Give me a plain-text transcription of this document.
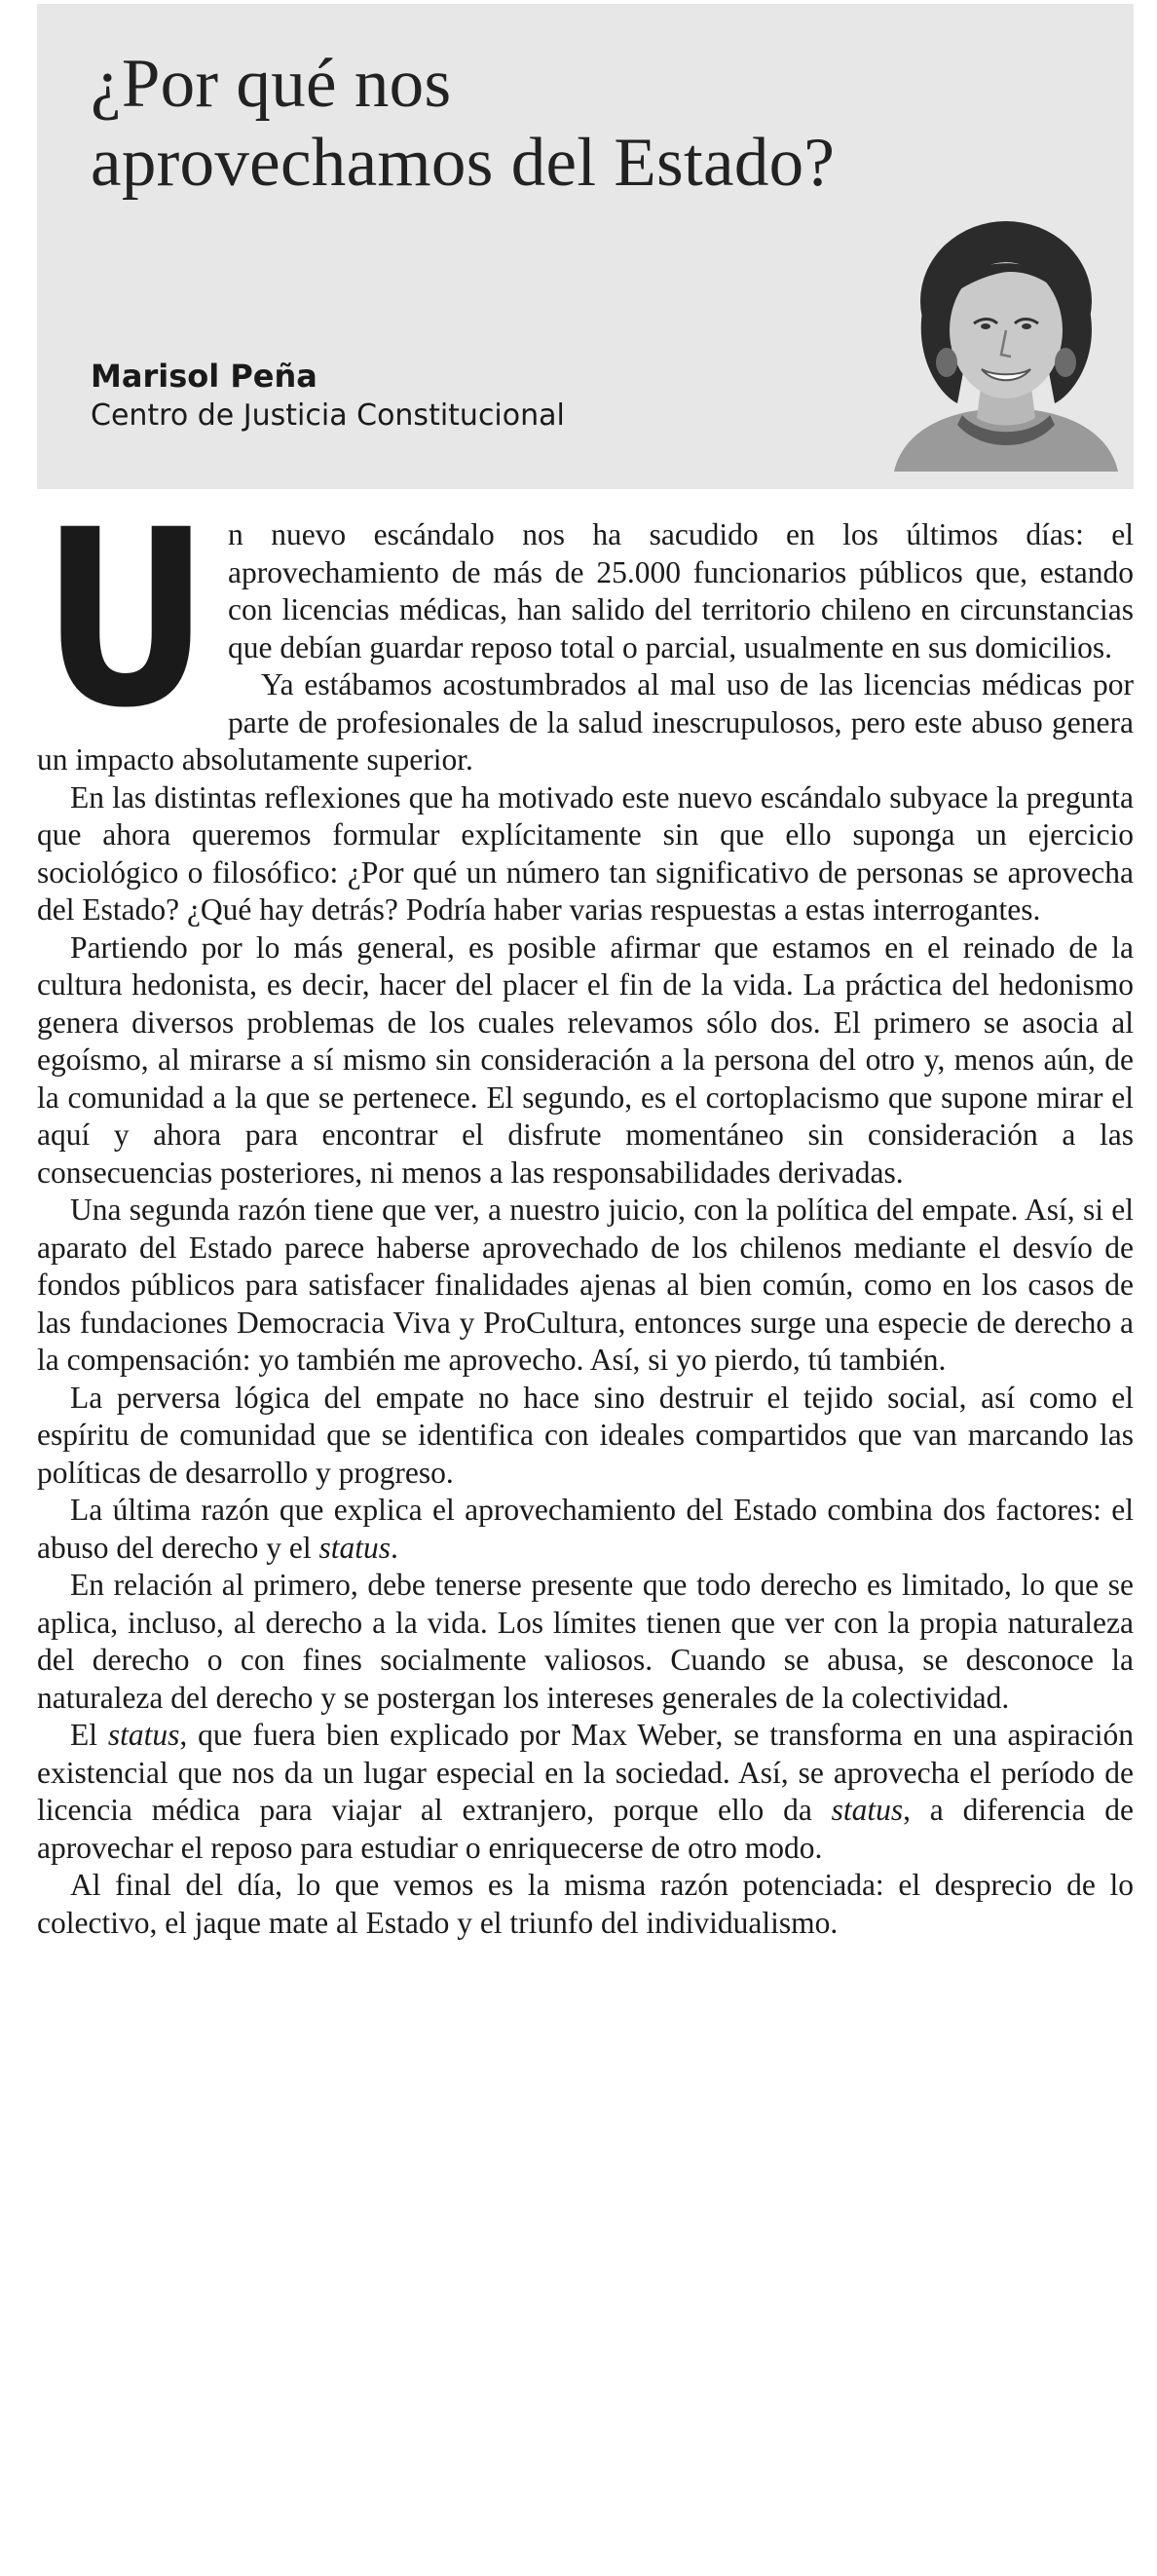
¿Por qué nos aprovechamos del Estado?
Marisol Peña
Centro de Justicia Constitucional

U n nuevo escándalo nos ha sacudido en los últimos días: el aprovechamiento de más de 25.000 funcionarios públicos que, estando con licencias médicas, han salido del territorio chileno en circunstancias que debían guardar reposo total o parcial, usualmente en sus domicilios.

Ya estábamos acostumbrados al mal uso de las licencias médicas por parte de profesionales de la salud inescrupulosos, pero este abuso genera un impacto absolutamente superior.

En las distintas reflexiones que ha motivado este nuevo escándalo subyace la pregunta que ahora queremos formular explícitamente sin que ello suponga un ejercicio sociológico o filosófico: ¿Por qué un número tan significativo de personas se aprovecha del Estado? ¿Qué hay detrás? Podría haber varias respuestas a estas interrogantes.

Partiendo por lo más general, es posible afirmar que estamos en el reinado de la cultura hedonista, es decir, hacer del placer el fin de la vida. La práctica del hedonismo genera diversos problemas de los cuales relevamos sólo dos. El primero se asocia al egoísmo, al mirarse a sí mismo sin consideración a la persona del otro y, menos aún, de la comunidad a la que se pertenece. El segundo, es el cortoplacismo que supone mirar el aquí y ahora para encontrar el disfrute momentáneo sin consideración a las consecuencias posteriores, ni menos a las responsabilidades derivadas.

Una segunda razón tiene que ver, a nuestro juicio, con la política del empate. Así, si el aparato del Estado parece haberse aprovechado de los chilenos mediante el desvío de fondos públicos para satisfacer finalidades ajenas al bien común, como en los casos de las fundaciones Democracia Viva y ProCultura, entonces surge una especie de derecho a la compensación: yo también me aprovecho. Así, si yo pierdo, tú también.

La perversa lógica del empate no hace sino destruir el tejido social, así como el espíritu de comunidad que se identifica con ideales compartidos que van marcando las políticas de desarrollo y progreso.

La última razón que explica el aprovechamiento del Estado combina dos factores: el abuso del derecho y el status.

En relación al primero, debe tenerse presente que todo derecho es limitado, lo que se aplica, incluso, al derecho a la vida. Los límites tienen que ver con la propia naturaleza del derecho o con fines socialmente valiosos. Cuando se abusa, se desconoce la naturaleza del derecho y se postergan los intereses generales de la colectividad.

El status, que fuera bien explicado por Max Weber, se transforma en una aspiración existencial que nos da un lugar especial en la sociedad. Así, se aprovecha el período de licencia médica para viajar al extranjero, porque ello da status, a diferencia de aprovechar el reposo para estudiar o enriquecerse de otro modo.

Al final del día, lo que vemos es la misma razón potenciada: el desprecio de lo colectivo, el jaque mate al Estado y el triunfo del individualismo.
